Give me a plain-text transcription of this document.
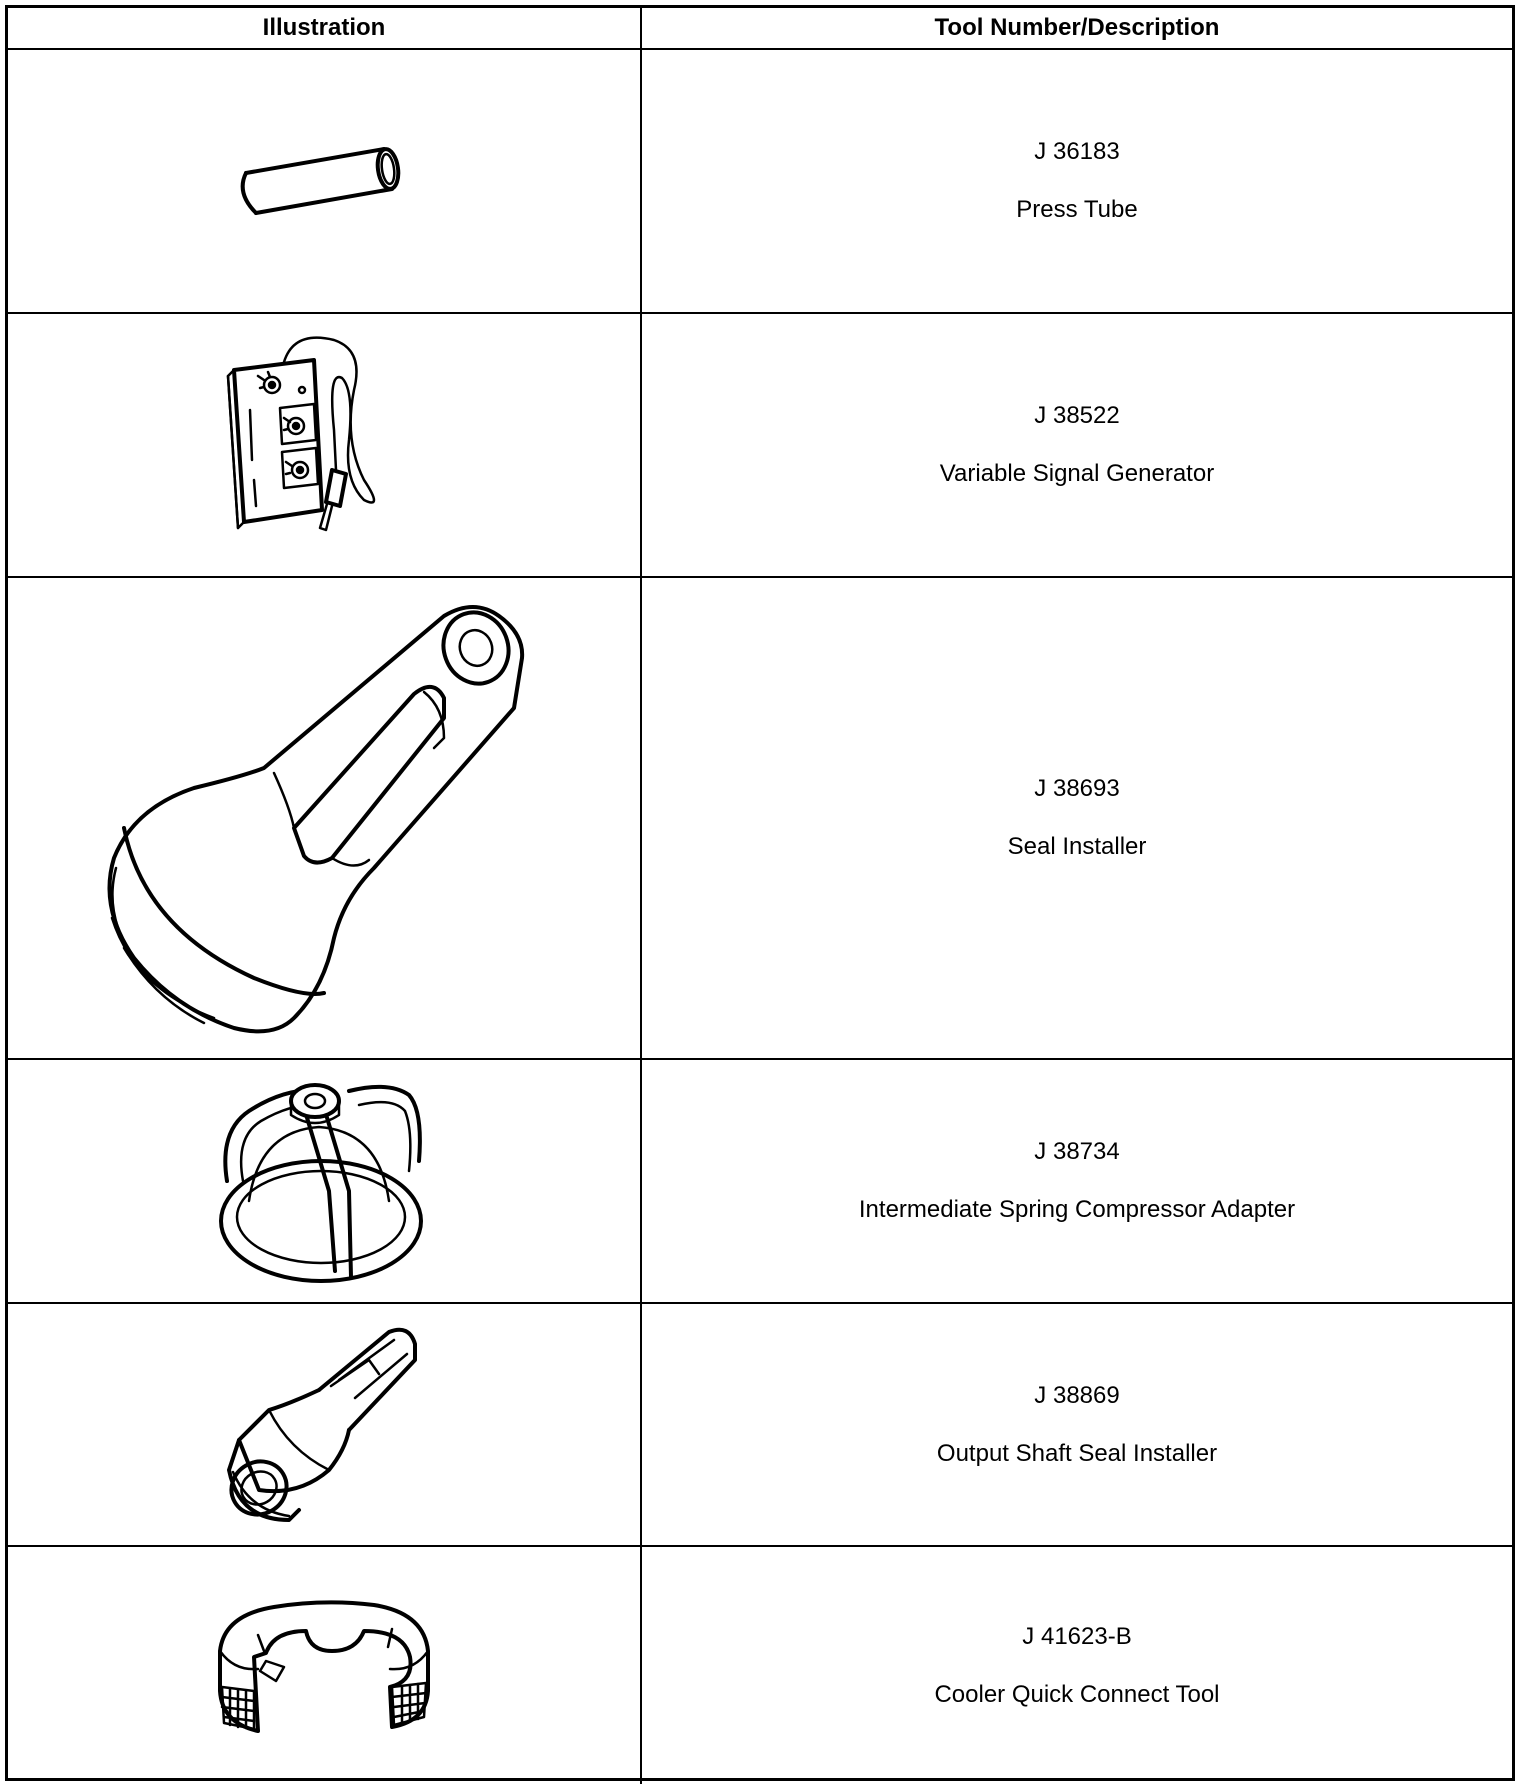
Illustration	Tool Number/Description
J 36183
Press Tube
J 38522
Variable Signal Generator
J 38693
Seal Installer
J 38734
Intermediate Spring Compressor Adapter
J 38869
Output Shaft Seal Installer
J 41623-B
Cooler Quick Connect Tool
